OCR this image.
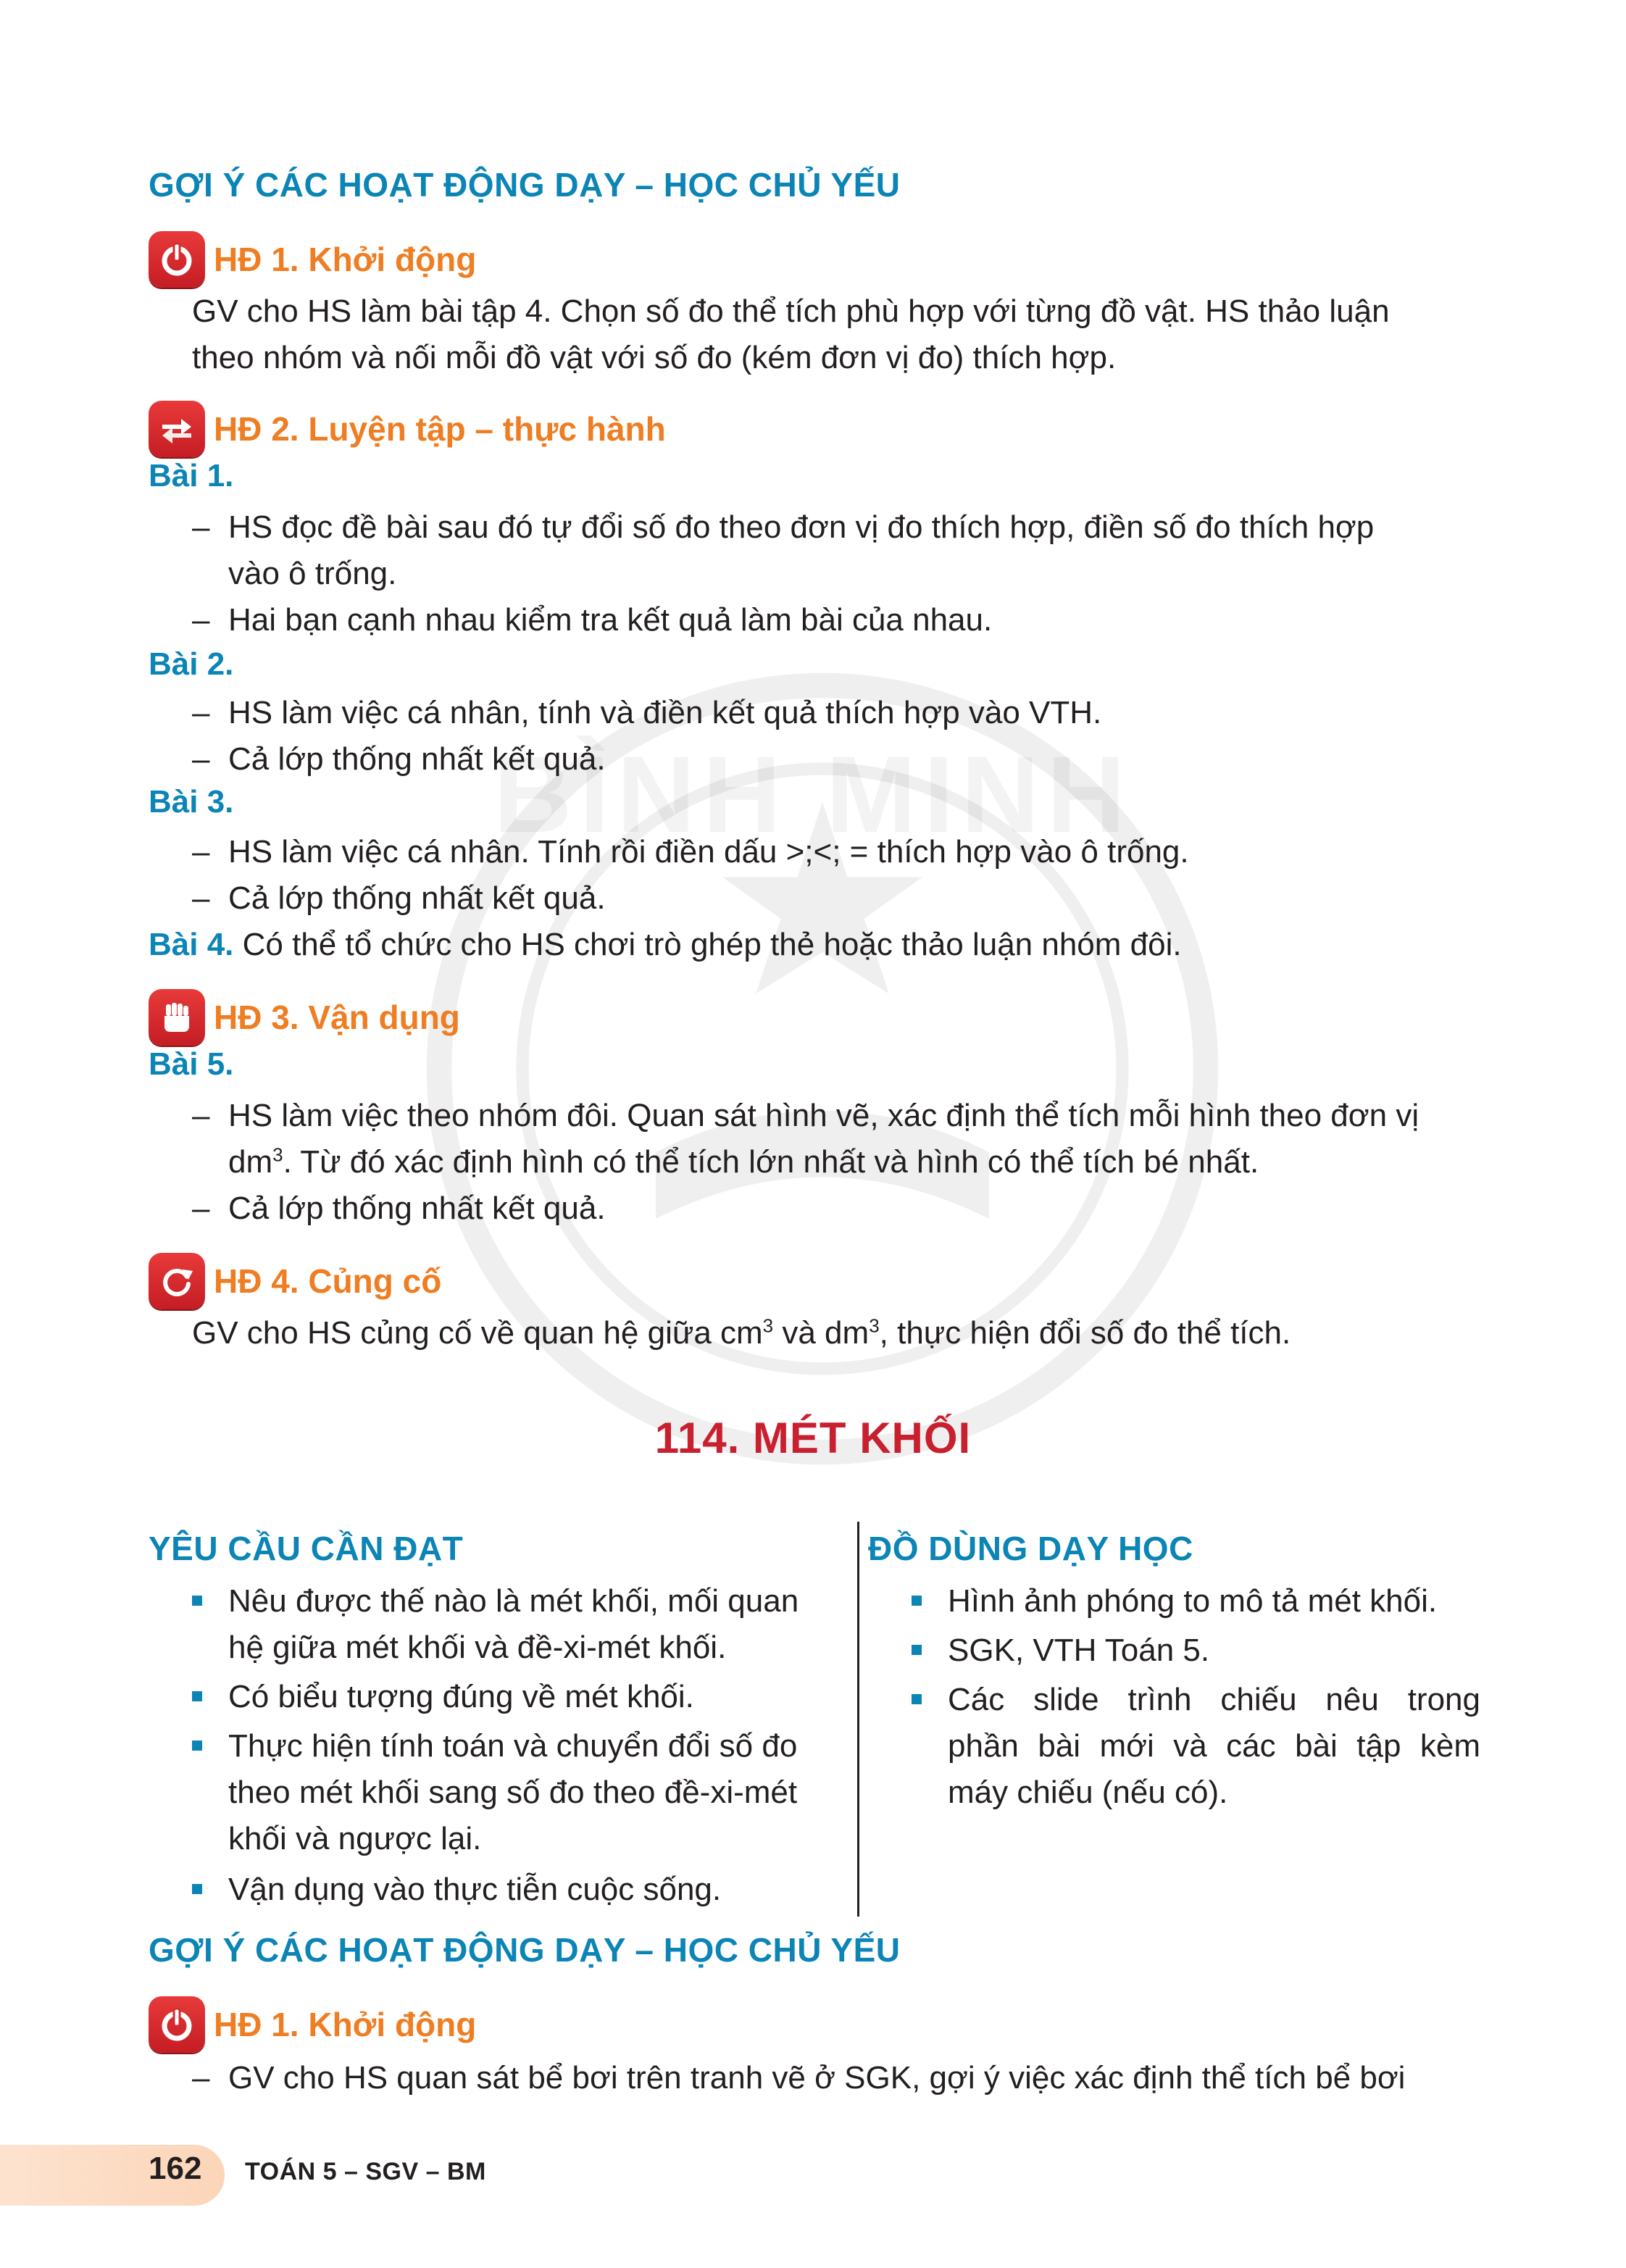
GỢI Ý CÁC HOẠT ĐỘNG DẠY – HỌC CHỦ YẾU
HĐ 1. Khởi động
GV cho HS làm bài tập 4. Chọn số đo thể tích phù hợp với từng đồ vật. HS thảo luận
theo nhóm và nối mỗi đồ vật với số đo (kém đơn vị đo) thích hợp.
HĐ 2. Luyện tập – thực hành
Bài 1.
– HS đọc đề bài sau đó tự đổi số đo theo đơn vị đo thích hợp, điền số đo thích hợp
vào ô trống.
– Hai bạn cạnh nhau kiểm tra kết quả làm bài của nhau.
Bài 2.
– HS làm việc cá nhân, tính và điền kết quả thích hợp vào VTH.
– Cả lớp thống nhất kết quả.
Bài 3.
– HS làm việc cá nhân. Tính rồi điền dấu >;<; = thích hợp vào ô trống.
– Cả lớp thống nhất kết quả.
Bài 4. Có thể tổ chức cho HS chơi trò ghép thẻ hoặc thảo luận nhóm đôi.
HĐ 3. Vận dụng
Bài 5.
– HS làm việc theo nhóm đôi. Quan sát hình vẽ, xác định thể tích mỗi hình theo đơn vị
$dm^3$. Từ đó xác định hình có thể tích lớn nhất và hình có thể tích bé nhất.
– Cả lớp thống nhất kết quả.
HĐ 4. Củng cố
GV cho HS củng cố về quan hệ giữa $cm^3$ và $dm^3$, thực hiện đổi số đo thể tích.
114. MÉT KHỐI
YÊU CẦU CẦN ĐẠT	ĐỒ DÙNG DẠY HỌC
Nêu được thế nào là mét khối, mối quan
hệ giữa mét khối và đề-xi-mét khối.
Có biểu tượng đúng về mét khối.
Thực hiện tính toán và chuyển đổi số đo
theo mét khối sang số đo theo đề-xi-mét
khối và ngược lại.
Vận dụng vào thực tiễn cuộc sống.
Hình ảnh phóng to mô tả mét khối.
SGK, VTH Toán 5.
Các slide trình chiếu nêu trong
phần bài mới và các bài tập kèm
máy chiếu (nếu có).
GỢI Ý CÁC HOẠT ĐỘNG DẠY – HỌC CHỦ YẾU
HĐ 1. Khởi động
– GV cho HS quan sát bể bơi trên tranh vẽ ở SGK, gợi ý việc xác định thể tích bể bơi
162 TOÁN 5 – SGV – BM
